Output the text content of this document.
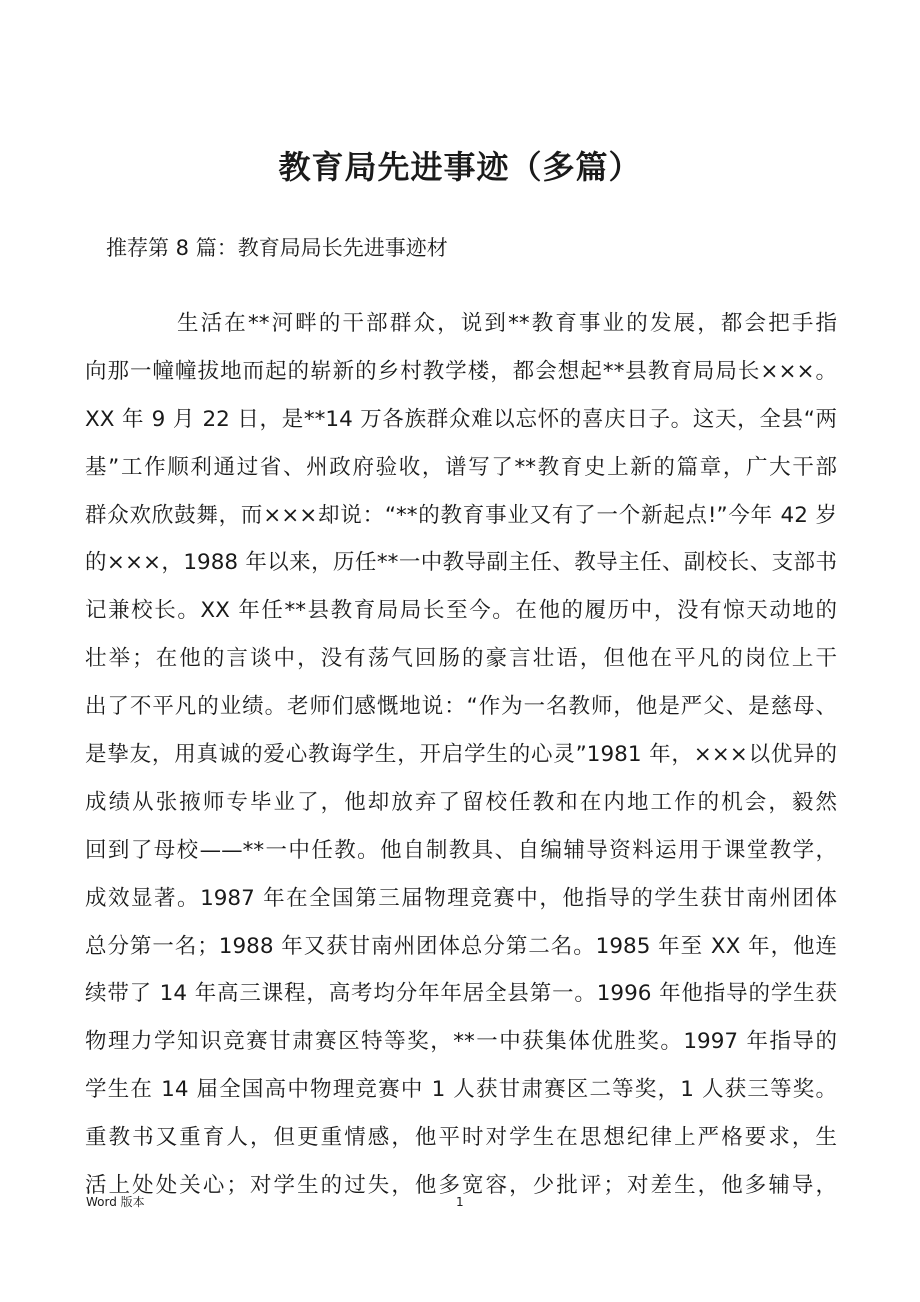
教育局先进事迹（多篇）

推荐第 8 篇：教育局局长先进事迹材

生活在**河畔的干部群众，说到**教育事业的发展，都会把手指
向那一幢幢拔地而起的崭新的乡村教学楼，都会想起**县教育局局长×××。
XX 年 9 月 22 日，是**14 万各族群众难以忘怀的喜庆日子。这天，全县“两
基”工作顺利通过省、州政府验收，谱写了**教育史上新的篇章，广大干部
群众欢欣鼓舞，而×××却说：“**的教育事业又有了一个新起点!”今年 42 岁
的×××，1988 年以来，历任**一中教导副主任、教导主任、副校长、支部书
记兼校长。XX 年任**县教育局局长至今。在他的履历中，没有惊天动地的
壮举；在他的言谈中，没有荡气回肠的豪言壮语，但他在平凡的岗位上干
出了不平凡的业绩。老师们感慨地说：“作为一名教师，他是严父、是慈母、
是挚友，用真诚的爱心教诲学生，开启学生的心灵”1981 年，×××以优异的
成绩从张掖师专毕业了，他却放弃了留校任教和在内地工作的机会，毅然
回到了母校——**一中任教。他自制教具、自编辅导资料运用于课堂教学，
成效显著。1987 年在全国第三届物理竞赛中，他指导的学生获甘南州团体
总分第一名；1988 年又获甘南州团体总分第二名。1985 年至 XX 年，他连
续带了 14 年高三课程，高考均分年年居全县第一。1996 年他指导的学生获
物理力学知识竞赛甘肃赛区特等奖，**一中获集体优胜奖。1997 年指导的
学生在 14 届全国高中物理竞赛中 1 人获甘肃赛区二等奖，1 人获三等奖。
重教书又重育人，但更重情感，他平时对学生在思想纪律上严格要求，生
活上处处关心；对学生的过失，他多宽容，少批评；对差生，他多辅导，
Word 版本	1
